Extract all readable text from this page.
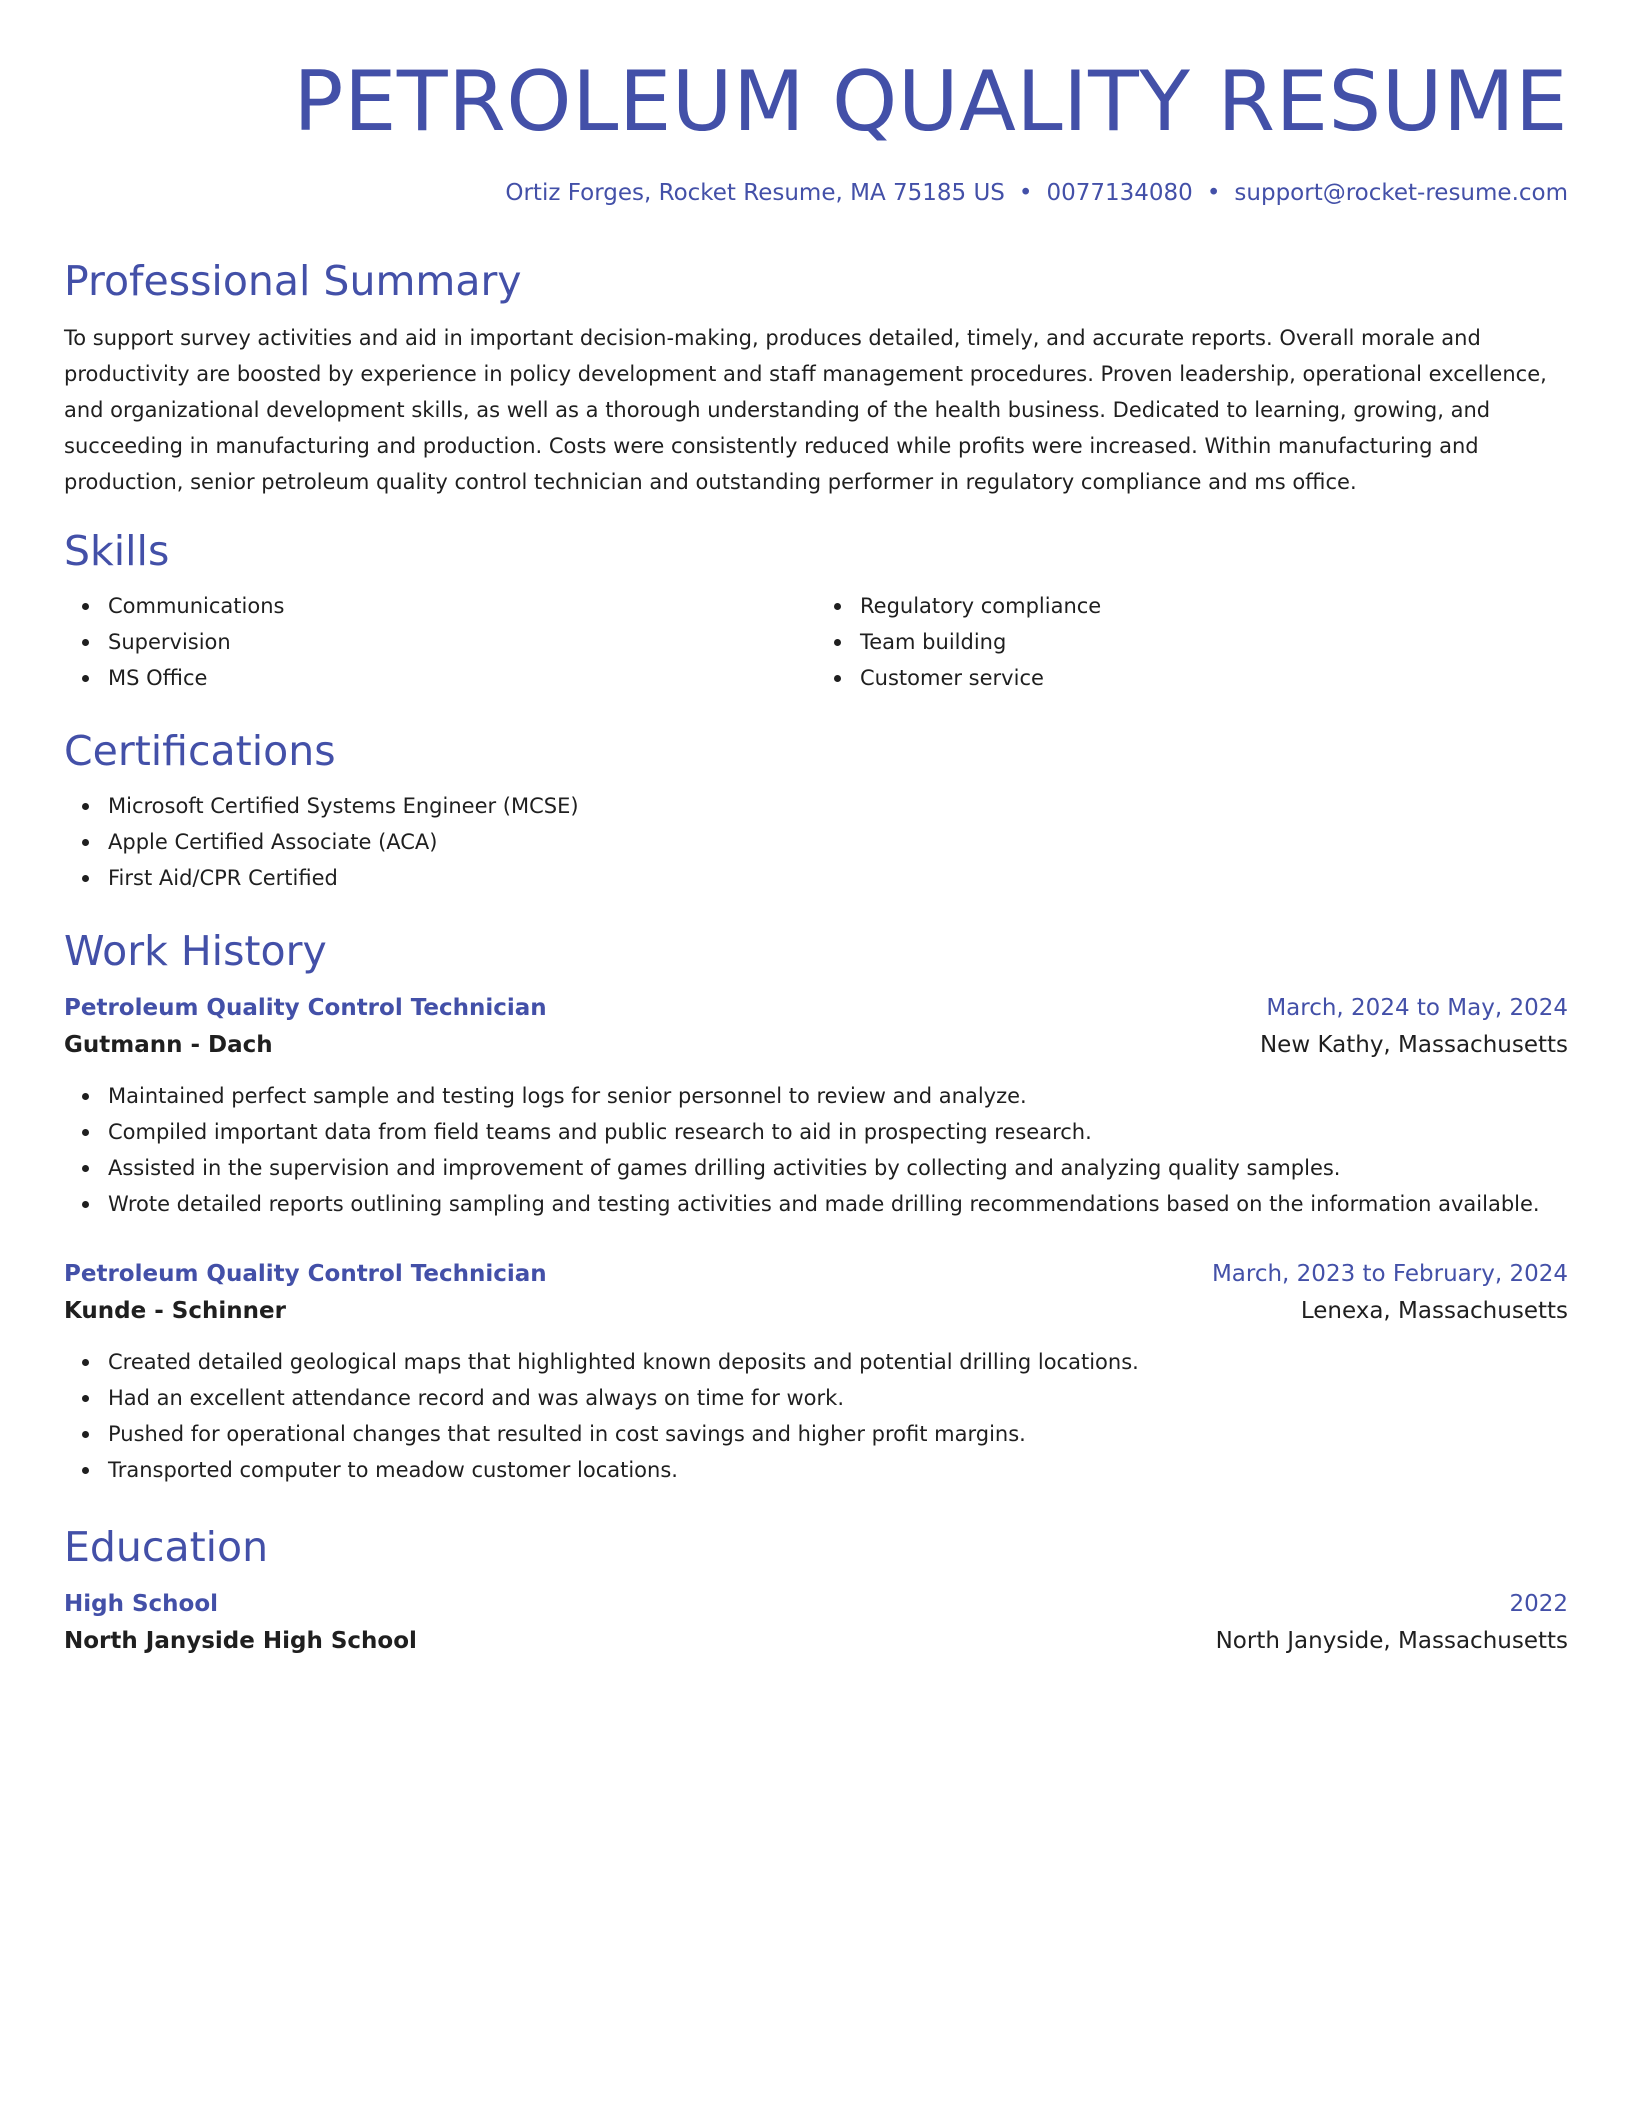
PETROLEUM QUALITY RESUME
Ortiz Forges, Rocket Resume, MA 75185 US • 0077134080 • support@rocket-resume.com
Professional Summary

To support survey activities and aid in important decision-making, produces detailed, timely, and accurate reports. Overall morale and productivity are boosted by experience in policy development and staff management procedures. Proven leadership, operational excellence, and organizational development skills, as well as a thorough understanding of the health business. Dedicated to learning, growing, and succeeding in manufacturing and production. Costs were consistently reduced while profits were increased. Within manufacturing and production, senior petroleum quality control technician and outstanding performer in regulatory compliance and ms office.

Skills
Communications
Supervision
MS Office
Regulatory compliance
Team building
Customer service
Certifications
Microsoft Certified Systems Engineer (MCSE)
Apple Certified Associate (ACA)
First Aid/CPR Certified
Work History
Petroleum Quality Control Technician	March, 2024 to May, 2024
Gutmann - Dach	New Kathy, Massachusetts
Maintained perfect sample and testing logs for senior personnel to review and analyze.
Compiled important data from field teams and public research to aid in prospecting research.
Assisted in the supervision and improvement of games drilling activities by collecting and analyzing quality samples.
Wrote detailed reports outlining sampling and testing activities and made drilling recommendations based on the information available.
Petroleum Quality Control Technician	March, 2023 to February, 2024
Kunde - Schinner	Lenexa, Massachusetts
Created detailed geological maps that highlighted known deposits and potential drilling locations.
Had an excellent attendance record and was always on time for work.
Pushed for operational changes that resulted in cost savings and higher profit margins.
Transported computer to meadow customer locations.
Education
High School	2022
North Janyside High School	North Janyside, Massachusetts
